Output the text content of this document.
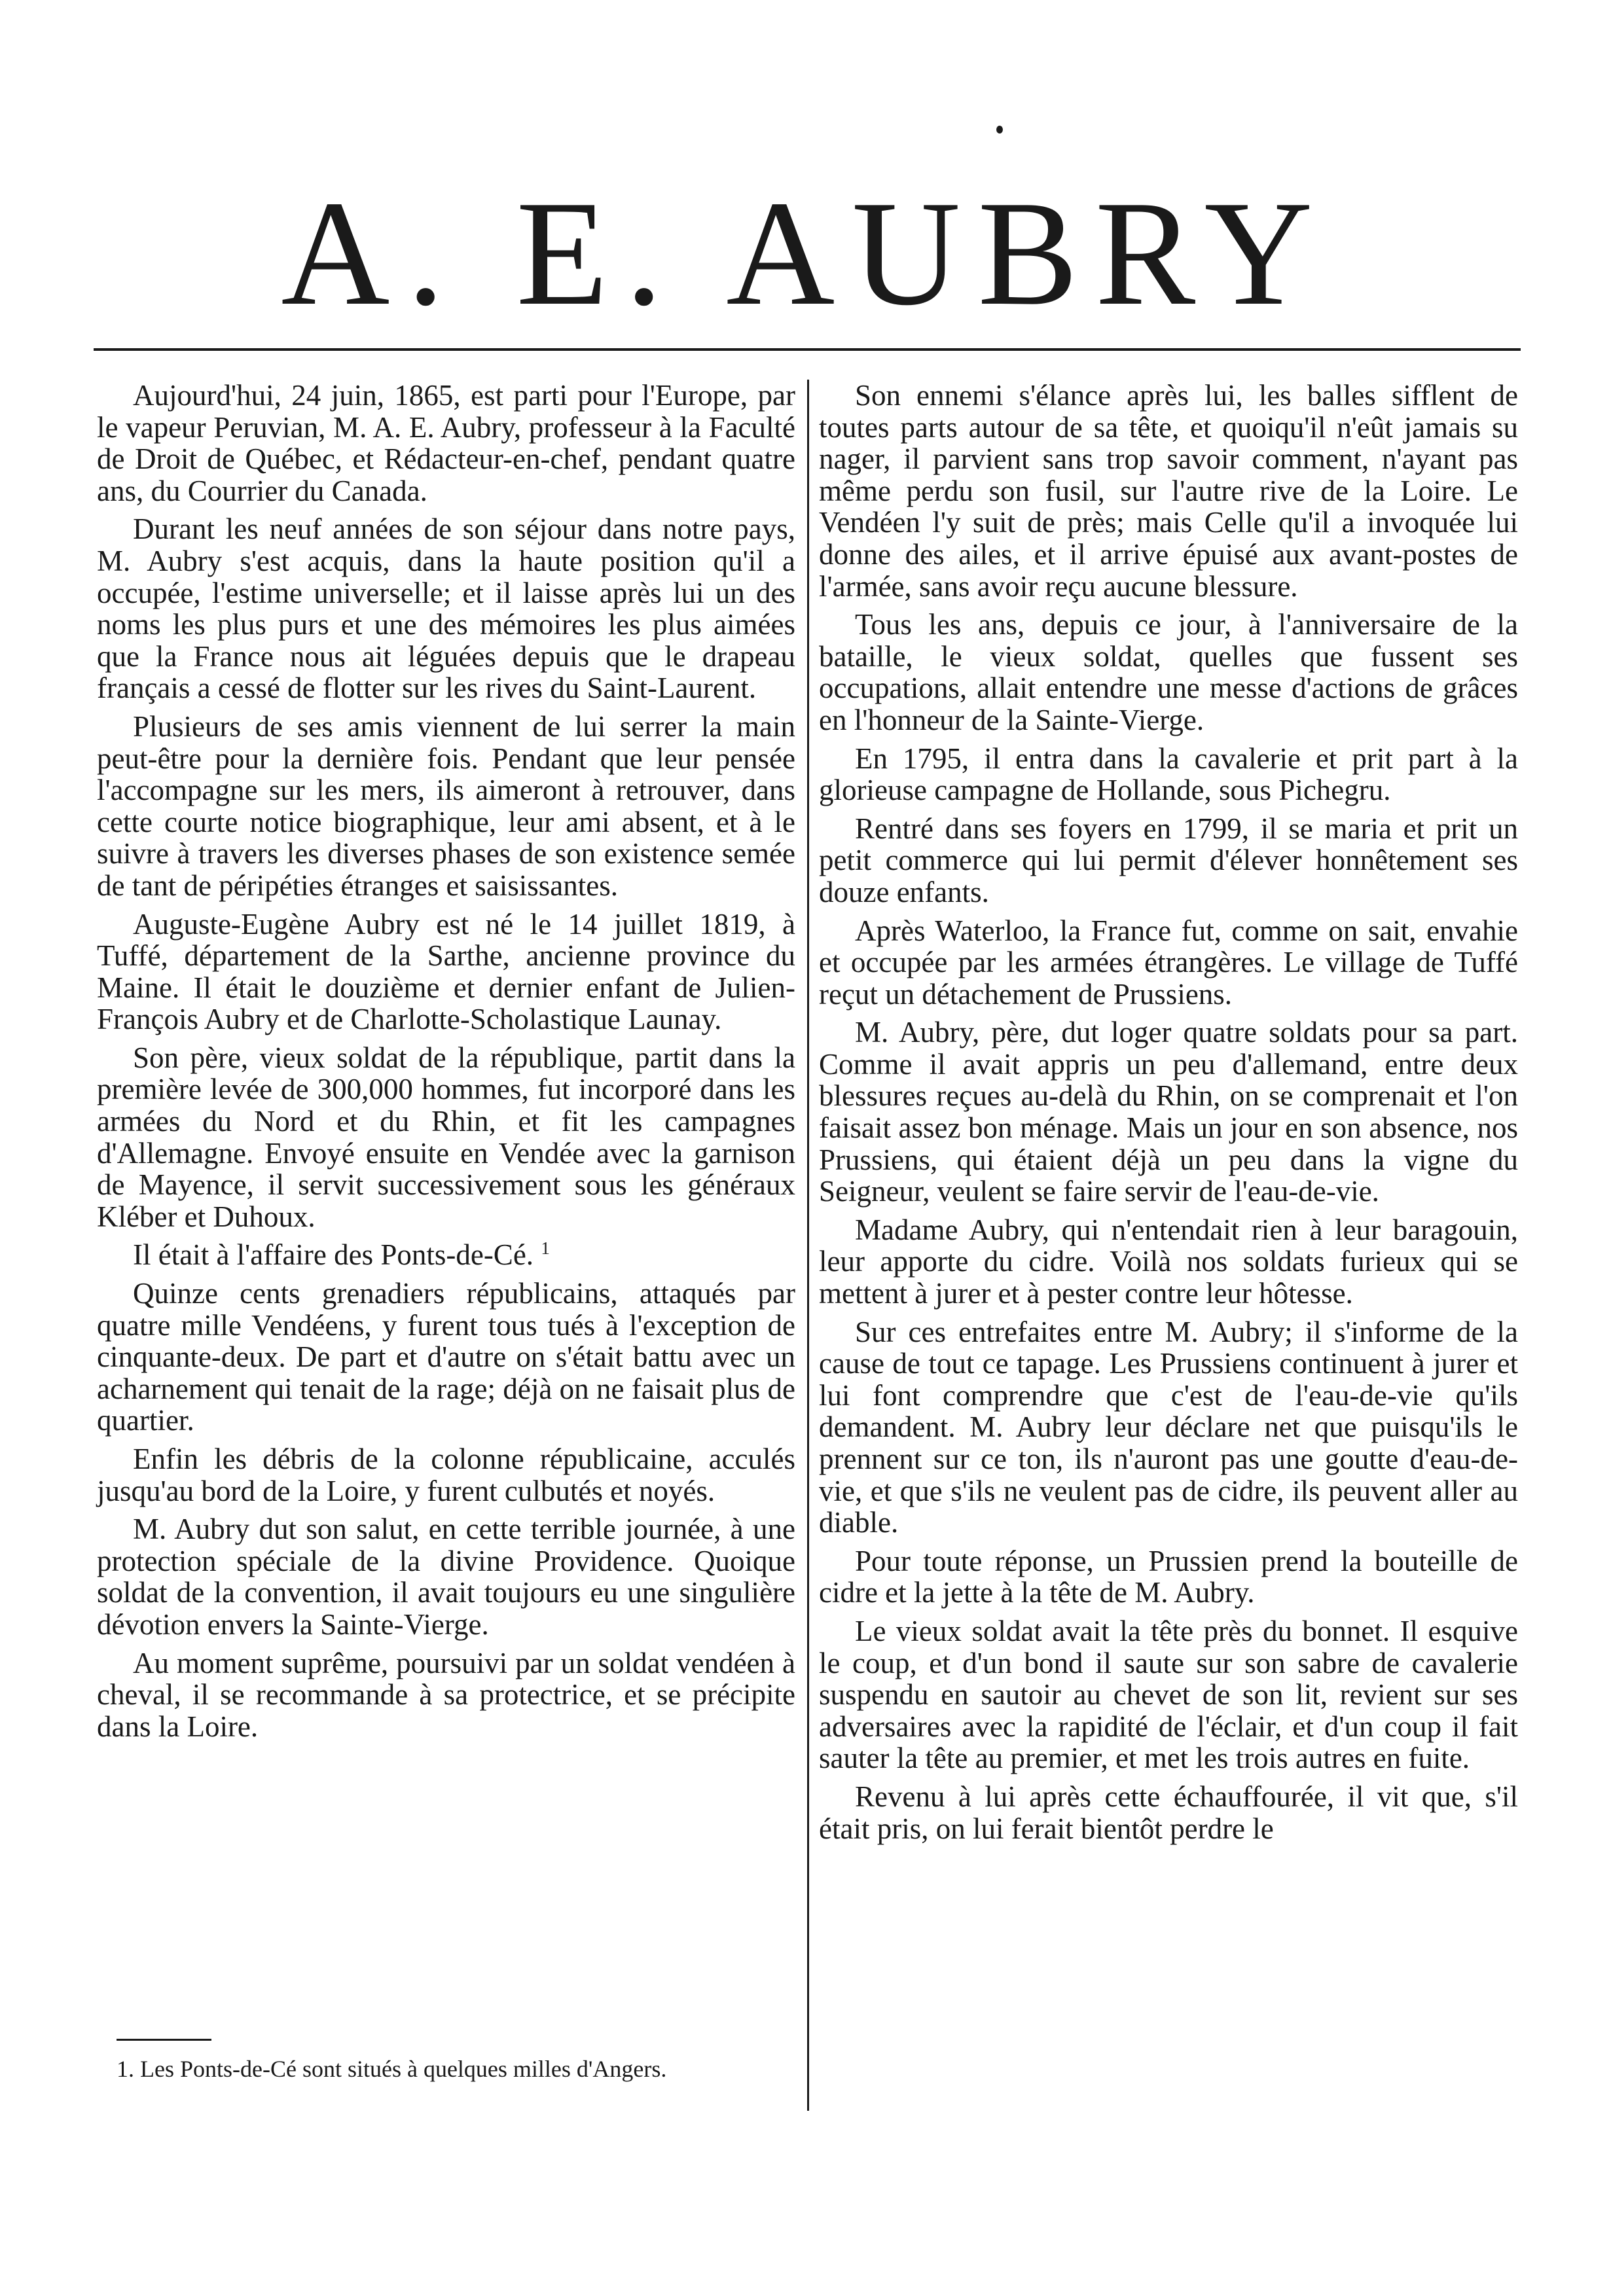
A. E. AUBRY

Aujourd'hui, 24 juin, 1865, est parti pour l'Europe, par le vapeur Peruvian, M. A. E. Aubry, professeur à la Faculté de Droit de Québec, et Rédacteur-en-chef, pendant quatre ans, du Courrier du Canada.

Durant les neuf années de son séjour dans notre pays, M. Aubry s'est acquis, dans la haute position qu'il a occupée, l'estime universelle; et il laisse après lui un des noms les plus purs et une des mémoires les plus aimées que la France nous ait léguées depuis que le drapeau français a cessé de flotter sur les rives du Saint-Laurent.

Plusieurs de ses amis viennent de lui serrer la main peut-être pour la dernière fois. Pendant que leur pensée l'accompagne sur les mers, ils aimeront à retrouver, dans cette courte notice biographique, leur ami absent, et à le suivre à travers les diverses phases de son existence semée de tant de péripéties étranges et saisissantes.

Auguste-Eugène Aubry est né le 14 juillet 1819, à Tuffé, département de la Sarthe, ancienne province du Maine. Il était le douzième et dernier enfant de Julien-François Aubry et de Charlotte-Scholastique Launay.

Son père, vieux soldat de la république, partit dans la première levée de 300,000 hommes, fut incorporé dans les armées du Nord et du Rhin, et fit les campagnes d'Allemagne. Envoyé ensuite en Vendée avec la garnison de Mayence, il servit successivement sous les généraux Kléber et Duhoux.

Il était à l'affaire des Ponts-de-Cé. $^1$

Quinze cents grenadiers républicains, attaqués par quatre mille Vendéens, y furent tous tués à l'exception de cinquante-deux. De part et d'autre on s'était battu avec un acharnement qui tenait de la rage; déjà on ne faisait plus de quartier.

Enfin les débris de la colonne républicaine, acculés jusqu'au bord de la Loire, y furent culbutés et noyés.

M. Aubry dut son salut, en cette terrible journée, à une protection spéciale de la divine Providence. Quoique soldat de la convention, il avait toujours eu une singulière dévotion envers la Sainte-Vierge.

Au moment suprême, poursuivi par un soldat vendéen à cheval, il se recommande à sa protectrice, et se précipite dans la Loire.

Son ennemi s'élance après lui, les balles sifflent de toutes parts autour de sa tête, et quoiqu'il n'eût jamais su nager, il parvient sans trop savoir comment, n'ayant pas même perdu son fusil, sur l'autre rive de la Loire. Le Vendéen l'y suit de près; mais Celle qu'il a invoquée lui donne des ailes, et il arrive épuisé aux avant-postes de l'armée, sans avoir reçu aucune blessure.

Tous les ans, depuis ce jour, à l'anniversaire de la bataille, le vieux soldat, quelles que fussent ses occupations, allait entendre une messe d'actions de grâces en l'honneur de la Sainte-Vierge.

En 1795, il entra dans la cavalerie et prit part à la glorieuse campagne de Hollande, sous Pichegru.

Rentré dans ses foyers en 1799, il se maria et prit un petit commerce qui lui permit d'élever honnêtement ses douze enfants.

Après Waterloo, la France fut, comme on sait, envahie et occupée par les armées étrangères. Le village de Tuffé reçut un détachement de Prussiens.

M. Aubry, père, dut loger quatre soldats pour sa part. Comme il avait appris un peu d'allemand, entre deux blessures reçues au-delà du Rhin, on se comprenait et l'on faisait assez bon ménage. Mais un jour en son absence, nos Prussiens, qui étaient déjà un peu dans la vigne du Seigneur, veulent se faire servir de l'eau-de-vie.

Madame Aubry, qui n'entendait rien à leur baragouin, leur apporte du cidre. Voilà nos soldats furieux qui se mettent à jurer et à pester contre leur hôtesse.

Sur ces entrefaites entre M. Aubry; il s'informe de la cause de tout ce tapage. Les Prussiens continuent à jurer et lui font comprendre que c'est de l'eau-de-vie qu'ils demandent. M. Aubry leur déclare net que puisqu'ils le prennent sur ce ton, ils n'auront pas une goutte d'eau-de-vie, et que s'ils ne veulent pas de cidre, ils peuvent aller au diable.

Pour toute réponse, un Prussien prend la bouteille de cidre et la jette à la tête de M. Aubry.

Le vieux soldat avait la tête près du bonnet. Il esquive le coup, et d'un bond il saute sur son sabre de cavalerie suspendu en sautoir au chevet de son lit, revient sur ses adversaires avec la rapidité de l'éclair, et d'un coup il fait sauter la tête au premier, et met les trois autres en fuite.

Revenu à lui après cette échauffourée, il vit que, s'il était pris, on lui ferait bientôt perdre le

1. Les Ponts-de-Cé sont situés à quelques milles d'Angers.
